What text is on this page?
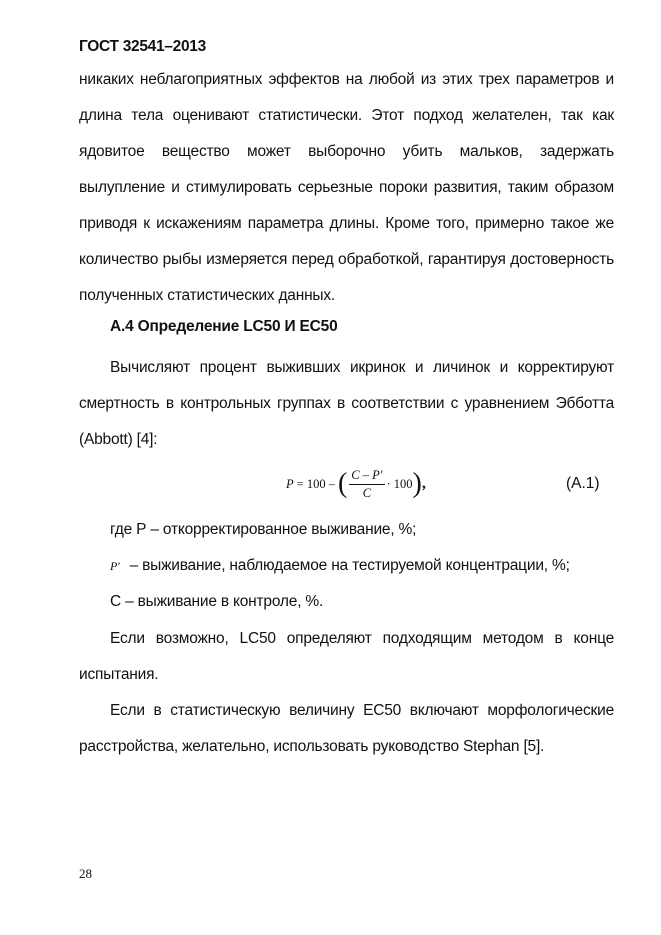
ГОСТ 32541–2013
никаких неблагоприятных эффектов на любой из этих трех параметров и длина тела оценивают статистически. Этот подход желателен, так как ядовитое вещество может выборочно убить мальков, задержать вылупление и стимулировать серьезные пороки развития, таким образом приводя к искажениям параметра длины. Кроме того, примерно такое же количество рыбы измеряется перед обработкой, гарантируя достоверность полученных статистических данных.
А.4 Определение LC50 И ЕС50
Вычисляют процент выживших икринок и личинок и корректируют смертность в контрольных группах в соответствии с уравнением Эбботта (Abbott) [4]:
P = 100 – ( $\frac{C - P'}{C} \cdot 100$ ) ,	(А.1)
где Р – откорректированное выживание, %;
P′ – выживание, наблюдаемое на тестируемой концентрации, %;
С – выживание в контроле, %.
Если возможно, LC50 определяют подходящим методом в конце испытания.
Если в статистическую величину ЕС50 включают морфологические расстройства, желательно, использовать руководство Stephan [5].
28
